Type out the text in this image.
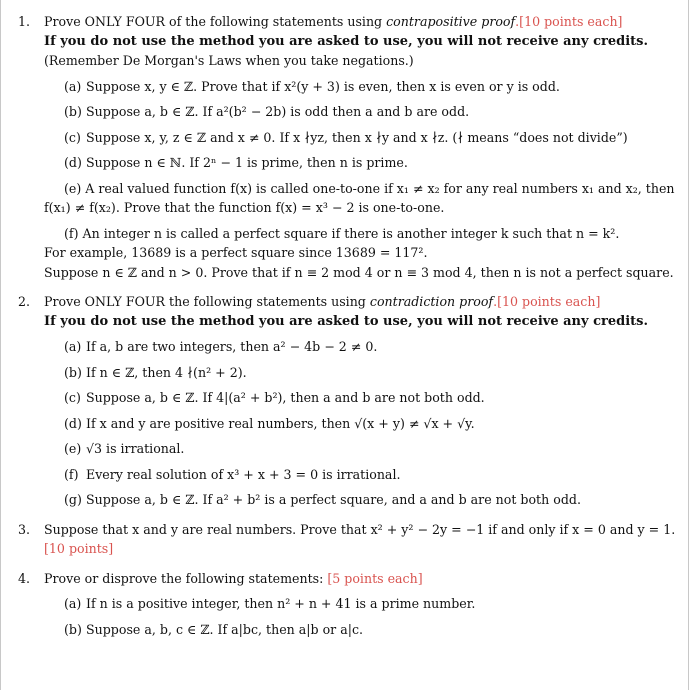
1. Prove ONLY FOUR of the following statements using contrapositive proof.[10 points each]
If you do not use the method you are asked to use, you will not receive any credits.
(Remember De Morgan's Laws when you take negations.)
(a) Suppose x, y ∈ ℤ. Prove that if x²(y + 3) is even, then x is even or y is odd.
(b) Suppose a, b ∈ ℤ. If a²(b² − 2b) is odd then a and b are odd.
(c) Suppose x, y, z ∈ ℤ and x ≠ 0. If x ∤yz, then x ∤y and x ∤z. (∤ means “does not divide”)
(d) Suppose n ∈ ℕ. If 2ⁿ − 1 is prime, then n is prime.
(e) A real valued function f(x) is called one-to-one if x₁ ≠ x₂ for any real numbers x₁ and x₂, then f(x₁) ≠ f(x₂). Prove that the function f(x) = x³ − 2 is one-to-one.
(f) An integer n is called a perfect square if there is another integer k such that n = k².
For example, 13689 is a perfect square since 13689 = 117².
Suppose n ∈ ℤ and n > 0. Prove that if n ≡ 2 mod 4 or n ≡ 3 mod 4, then n is not a perfect square.
2. Prove ONLY FOUR the following statements using contradiction proof.[10 points each]
If you do not use the method you are asked to use, you will not receive any credits.
(a) If a, b are two integers, then a² − 4b − 2 ≠ 0.
(b) If n ∈ ℤ, then 4 ∤(n² + 2).
(c) Suppose a, b ∈ ℤ. If 4|(a² + b²), then a and b are not both odd.
(d) If x and y are positive real numbers, then √(x + y) ≠ √x + √y.
(e) √3 is irrational.
(f) Every real solution of x³ + x + 3 = 0 is irrational.
(g) Suppose a, b ∈ ℤ. If a² + b² is a perfect square, and a and b are not both odd.
3. Suppose that x and y are real numbers. Prove that x² + y² − 2y = −1 if and only if x = 0 and y = 1. [10 points]
4. Prove or disprove the following statements: [5 points each]
(a) If n is a positive integer, then n² + n + 41 is a prime number.
(b) Suppose a, b, c ∈ ℤ. If a|bc, then a|b or a|c.
